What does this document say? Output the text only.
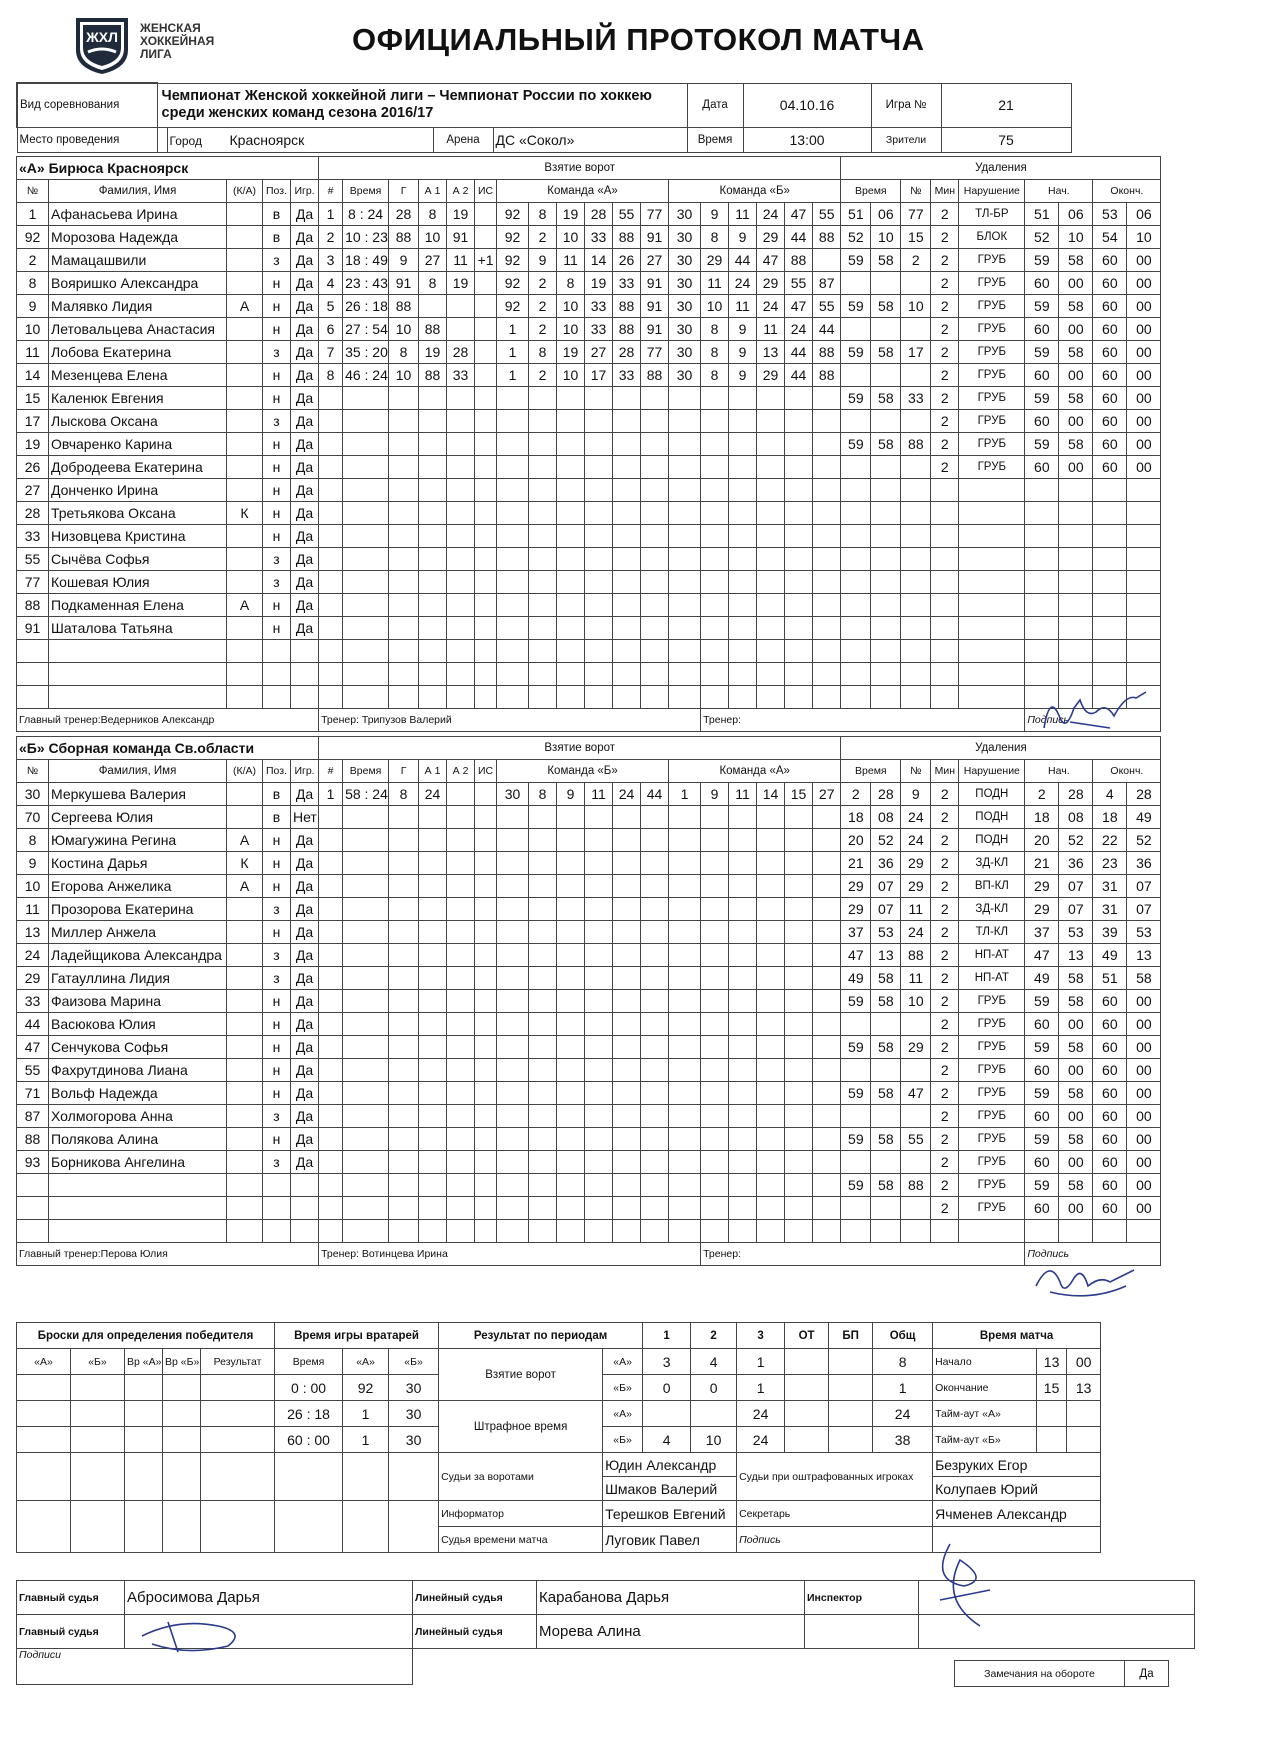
ЖХЛ
ЖЕНСКАЯ
ХОККЕЙНАЯ
ЛИГА	ОФИЦИАЛЬНЫЙ ПРОТОКОЛ МАТЧА
Вид соревнования	Чемпионат Женской хоккейной лиги – Чемпионат России по хоккею среди женских команд сезона 2016/17				Дата	04.10.16	Игра №	21
Место проведения		Город Красноярск	Арена	ДС «Сокол»	Время	13:00	Зрители	75
«А» Бирюса Красноярск					Взятие ворот																		Удаления								
№	Фамилия, Имя	(К/А)	Поз.	Игр.	#	Время	Г	А 1	А 2	ИС	Команда «А»						Команда «Б»						Время		№	Мин	Нарушение	Нач.		Оконч.	
1	Афанасьева Ирина		в	Да	1	8 : 24	28	8	19		92	8	19	28	55	77	30	9	11	24	47	55	51	06	77	2	ТЛ-БР	51	06	53	06
92	Морозова Надежда		в	Да	2	10 : 23	88	10	91		92	2	10	33	88	91	30	8	9	29	44	88	52	10	15	2	БЛОК	52	10	54	10
2	Мамацашвили		з	Да	3	18 : 49	9	27	11	+1	92	9	11	14	26	27	30	29	44	47	88		59	58	2	2	ГРУБ	59	58	60	00
8	Вояришко Александра		н	Да	4	23 : 43	91	8	19		92	2	8	19	33	91	30	11	24	29	55	87				2	ГРУБ	60	00	60	00
9	Малявко Лидия	А	н	Да	5	26 : 18	88				92	2	10	33	88	91	30	10	11	24	47	55	59	58	10	2	ГРУБ	59	58	60	00
10	Летовальцева Анастасия		н	Да	6	27 : 54	10	88			1	2	10	33	88	91	30	8	9	11	24	44				2	ГРУБ	60	00	60	00
11	Лобова Екатерина		з	Да	7	35 : 20	8	19	28		1	8	19	27	28	77	30	8	9	13	44	88	59	58	17	2	ГРУБ	59	58	60	00
14	Мезенцева Елена		н	Да	8	46 : 24	10	88	33		1	2	10	17	33	88	30	8	9	29	44	88				2	ГРУБ	60	00	60	00
15	Каленюк Евгения		н	Да																			59	58	33	2	ГРУБ	59	58	60	00
17	Лыскова Оксана		з	Да																						2	ГРУБ	60	00	60	00
19	Овчаренко Карина		н	Да																			59	58	88	2	ГРУБ	59	58	60	00
26	Добродеева Екатерина		н	Да																						2	ГРУБ	60	00	60	00
27	Донченко Ирина		н	Да																											
28	Третьякова Оксана	К	н	Да																											
33	Низовцева Кристина		н	Да																											
55	Сычёва Софья		з	Да																											
77	Кошевая Юлия		з	Да																											
88	Подкаменная Елена	А	н	Да																											
91	Шаталова Татьяна		н	Да																											

Главный тренер:Ведерников Александр					Тренер: Трипузов Валерий													Тренер:										Подпись			
«Б» Сборная команда Св.области					Взятие ворот																		Удаления								
№	Фамилия, Имя	(К/А)	Поз.	Игр.	#	Время	Г	А 1	А 2	ИС	Команда «Б»						Команда «А»						Время		№	Мин	Нарушение	Нач.		Оконч.	
30	Меркушева Валерия		в	Да	1	58 : 24	8	24			30	8	9	11	24	44	1	9	11	14	15	27	2	28	9	2	ПОДН	2	28	4	28
70	Сергеева Юлия		в	Нет																			18	08	24	2	ПОДН	18	08	18	49
8	Юмагужина Регина	А	н	Да																			20	52	24	2	ПОДН	20	52	22	52
9	Костина Дарья	К	н	Да																			21	36	29	2	ЗД-КЛ	21	36	23	36
10	Егорова Анжелика	А	н	Да																			29	07	29	2	ВП-КЛ	29	07	31	07
11	Прозорова Екатерина		з	Да																			29	07	11	2	ЗД-КЛ	29	07	31	07
13	Миллер Анжела		н	Да																			37	53	24	2	ТЛ-КЛ	37	53	39	53
24	Ладейщикова Александра		з	Да																			47	13	88	2	НП-АТ	47	13	49	13
29	Гатауллина Лидия		з	Да																			49	58	11	2	НП-АТ	49	58	51	58
33	Фаизова Марина		н	Да																			59	58	10	2	ГРУБ	59	58	60	00
44	Васюкова Юлия		н	Да																						2	ГРУБ	60	00	60	00
47	Сенчукова Софья		н	Да																			59	58	29	2	ГРУБ	59	58	60	00
55	Фахрутдинова Лиана		н	Да																						2	ГРУБ	60	00	60	00
71	Вольф Надежда		н	Да																			59	58	47	2	ГРУБ	59	58	60	00
87	Холмогорова Анна		з	Да																						2	ГРУБ	60	00	60	00
88	Полякова Алина		н	Да																			59	58	55	2	ГРУБ	59	58	60	00
93	Борникова Ангелина		з	Да																						2	ГРУБ	60	00	60	00
																							59	58	88	2	ГРУБ	59	58	60	00
																										2	ГРУБ	60	00	60	00

Главный тренер:Перова Юлия					Тренер: Вотинцева Ирина													Тренер:										Подпись			
Броски для определения победителя					Время игры вратарей			Результат по периодам		1	2	3	ОТ	БП	Общ	Время матча		
«А»	«Б»	Вр «А»	Вр «Б»	Результат	Время	«А»	«Б»	Взятие ворот	«А»	3	4	1			8	Начало	13	00
					0 : 00	92	30		«Б»	0	0	1			1	Окончание	15	13
					26 : 18	1	30	Штрафное время	«А»			24			24	Тайм-аут «А»		
					60 : 00	1	30		«Б»	4	10	24			38	Тайм-аут «Б»		
								Судьи за воротами	Юдин Александр			Судьи при оштрафованных игроках				Безруких Егор		
									Шмаков Валерий							Колупаев Юрий		
								Информатор	Терешков Евгений			Секретарь				Ячменев Александр		
								Судья времени матча	Луговик Павел			Подпись						
Главный судья	Абросимова Дарья	Линейный судья	Карабанова Дарья	Инспектор	
Главный судья		Линейный судья	Морева Алина		
Подписи
Замечания на обороте	Да
